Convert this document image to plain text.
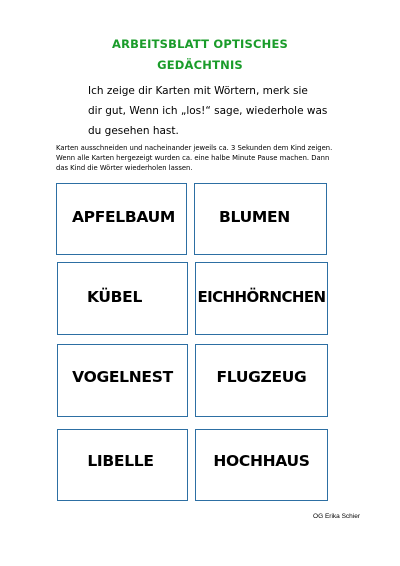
ARBEITSBLATT OPTISCHES
GEDÄCHTNIS
Ich zeige dir Karten mit Wörtern, merk sie
dir gut, Wenn ich „los!“ sage, wiederhole was
du gesehen hast.
Karten ausschneiden und nacheinander jeweils ca. 3 Sekunden dem Kind zeigen.
Wenn alle Karten hergezeigt wurden ca. eine halbe Minute Pause machen. Dann
das Kind die Wörter wiederholen lassen.
APFELBAUM	BLUMEN
KÜBEL	EICHHÖRNCHEN
VOGELNEST	FLUGZEUG
LIBELLE	HOCHHAUS
OG Erika Schier
